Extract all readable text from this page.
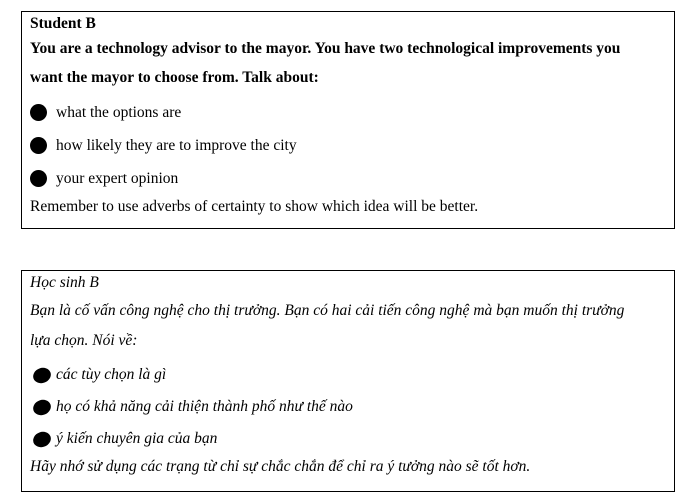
Student B
You are a technology advisor to the mayor. You have two technological improvements you
want the mayor to choose from. Talk about:
what the options are
how likely they are to improve the city
your expert opinion
Remember to use adverbs of certainty to show which idea will be better.
Học sinh B
Bạn là cố vấn công nghệ cho thị trưởng. Bạn có hai cải tiến công nghệ mà bạn muốn thị trưởng
lựa chọn. Nói về:
các tùy chọn là gì
họ có khả năng cải thiện thành phố như thế nào
ý kiến chuyên gia của bạn
Hãy nhớ sử dụng các trạng từ chỉ sự chắc chắn để chỉ ra ý tưởng nào sẽ tốt hơn.
